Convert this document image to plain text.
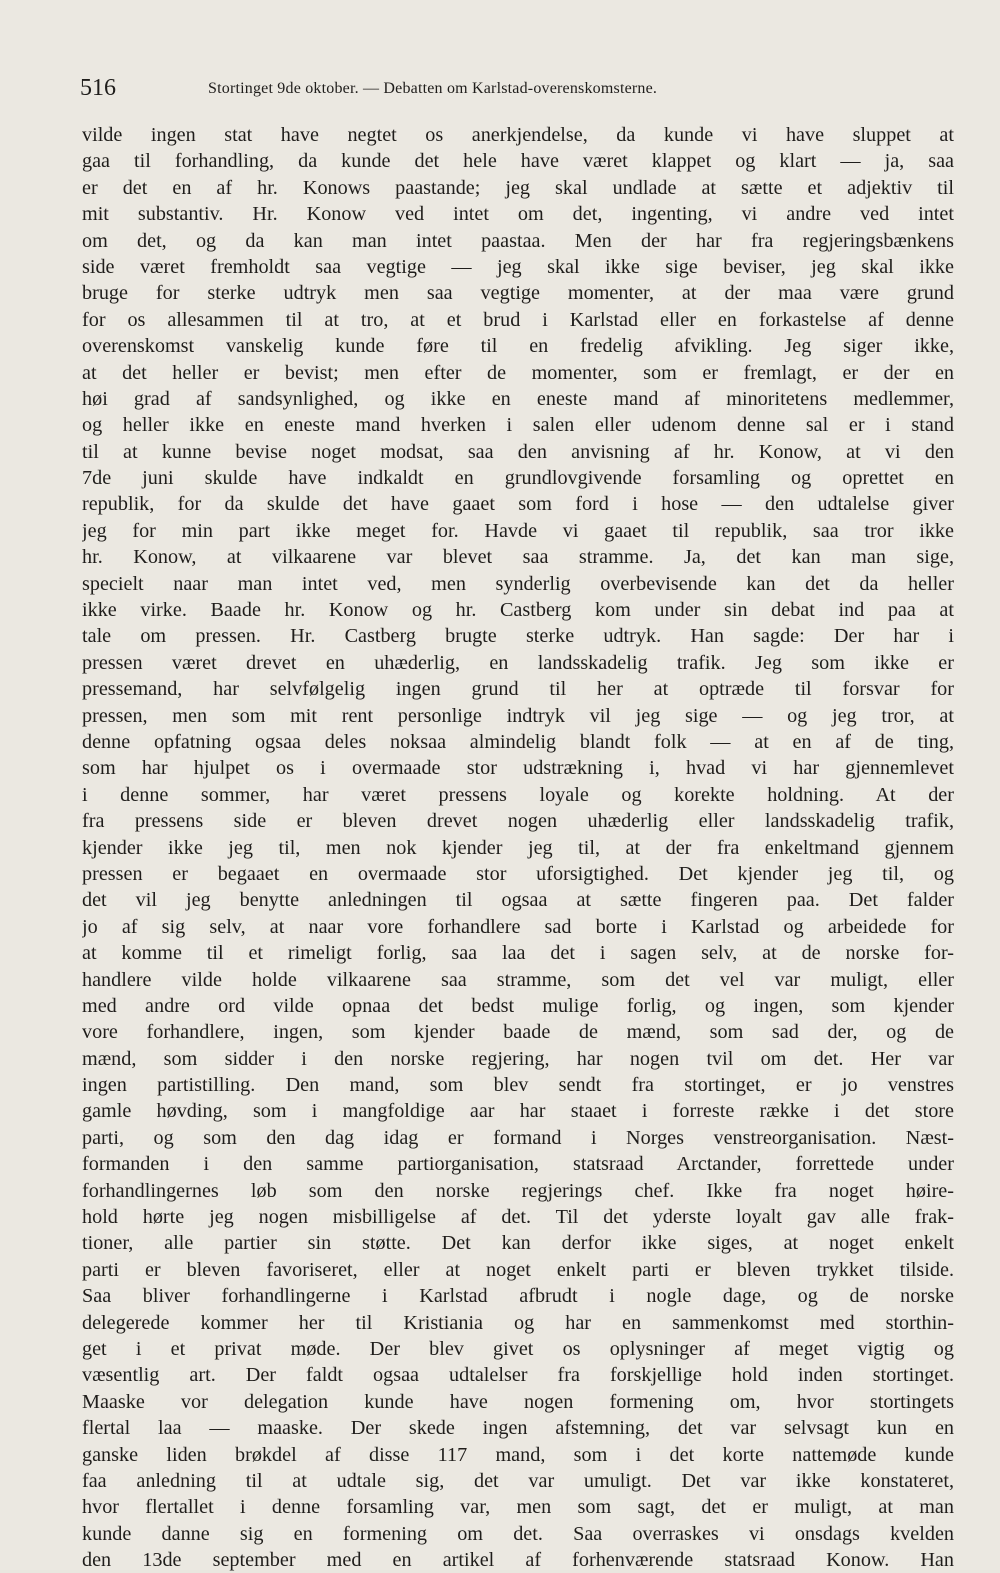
516	Stortinget 9de oktober. — Debatten om Karlstad-overenskomsterne.
vilde ingen stat have negtet os anerkjendelse, da kunde vi have sluppet at
gaa til forhandling, da kunde det hele have været klappet og klart — ja, saa
er det en af hr. Konows paastande; jeg skal undlade at sætte et adjektiv til
mit substantiv. Hr. Konow ved intet om det, ingenting, vi andre ved intet
om det, og da kan man intet paastaa. Men der har fra regjeringsbænkens
side været fremholdt saa vegtige — jeg skal ikke sige beviser, jeg skal ikke
bruge for sterke udtryk men saa vegtige momenter, at der maa være grund
for os allesammen til at tro, at et brud i Karlstad eller en forkastelse af denne
overenskomst vanskelig kunde føre til en fredelig afvikling. Jeg siger ikke,
at det heller er bevist; men efter de momenter, som er fremlagt, er der en
høi grad af sandsynlighed, og ikke en eneste mand af minoritetens medlemmer,
og heller ikke en eneste mand hverken i salen eller udenom denne sal er i stand
til at kunne bevise noget modsat, saa den anvisning af hr. Konow, at vi den
7de juni skulde have indkaldt en grundlovgivende forsamling og oprettet en
republik, for da skulde det have gaaet som ford i hose — den udtalelse giver
jeg for min part ikke meget for. Havde vi gaaet til republik, saa tror ikke
hr. Konow, at vilkaarene var blevet saa stramme. Ja, det kan man sige,
specielt naar man intet ved, men synderlig overbevisende kan det da heller
ikke virke. Baade hr. Konow og hr. Castberg kom under sin debat ind paa at
tale om pressen. Hr. Castberg brugte sterke udtryk. Han sagde: Der har i
pressen været drevet en uhæderlig, en landsskadelig trafik. Jeg som ikke er
pressemand, har selvfølgelig ingen grund til her at optræde til forsvar for
pressen, men som mit rent personlige indtryk vil jeg sige — og jeg tror, at
denne opfatning ogsaa deles noksaa almindelig blandt folk — at en af de ting,
som har hjulpet os i overmaade stor udstrækning i, hvad vi har gjennemlevet
i denne sommer, har været pressens loyale og korekte holdning. At der
fra pressens side er bleven drevet nogen uhæderlig eller landsskadelig trafik,
kjender ikke jeg til, men nok kjender jeg til, at der fra enkeltmand gjennem
pressen er begaaet en overmaade stor uforsigtighed. Det kjender jeg til, og
det vil jeg benytte anledningen til ogsaa at sætte fingeren paa. Det falder
jo af sig selv, at naar vore forhandlere sad borte i Karlstad og arbeidede for
at komme til et rimeligt forlig, saa laa det i sagen selv, at de norske for-
handlere vilde holde vilkaarene saa stramme, som det vel var muligt, eller
med andre ord vilde opnaa det bedst mulige forlig, og ingen, som kjender
vore forhandlere, ingen, som kjender baade de mænd, som sad der, og de
mænd, som sidder i den norske regjering, har nogen tvil om det. Her var
ingen partistilling. Den mand, som blev sendt fra stortinget, er jo venstres
gamle høvding, som i mangfoldige aar har staaet i forreste række i det store
parti, og som den dag idag er formand i Norges venstreorganisation. Næst-
formanden i den samme partiorganisation, statsraad Arctander, forrettede under
forhandlingernes løb som den norske regjerings chef. Ikke fra noget høire-
hold hørte jeg nogen misbilligelse af det. Til det yderste loyalt gav alle frak-
tioner, alle partier sin støtte. Det kan derfor ikke siges, at noget enkelt
parti er bleven favoriseret, eller at noget enkelt parti er bleven trykket tilside.
Saa bliver forhandlingerne i Karlstad afbrudt i nogle dage, og de norske
delegerede kommer her til Kristiania og har en sammenkomst med storthin-
get i et privat møde. Der blev givet os oplysninger af meget vigtig og
væsentlig art. Der faldt ogsaa udtalelser fra forskjellige hold inden stortinget.
Maaske vor delegation kunde have nogen formening om, hvor stortingets
flertal laa — maaske. Der skede ingen afstemning, det var selvsagt kun en
ganske liden brøkdel af disse 117 mand, som i det korte nattemøde kunde
faa anledning til at udtale sig, det var umuligt. Det var ikke konstateret,
hvor flertallet i denne forsamling var, men som sagt, det er muligt, at man
kunde danne sig en formening om det. Saa overraskes vi onsdags kvelden
den 13de september med en artikel af forhenværende statsraad Konow. Han
